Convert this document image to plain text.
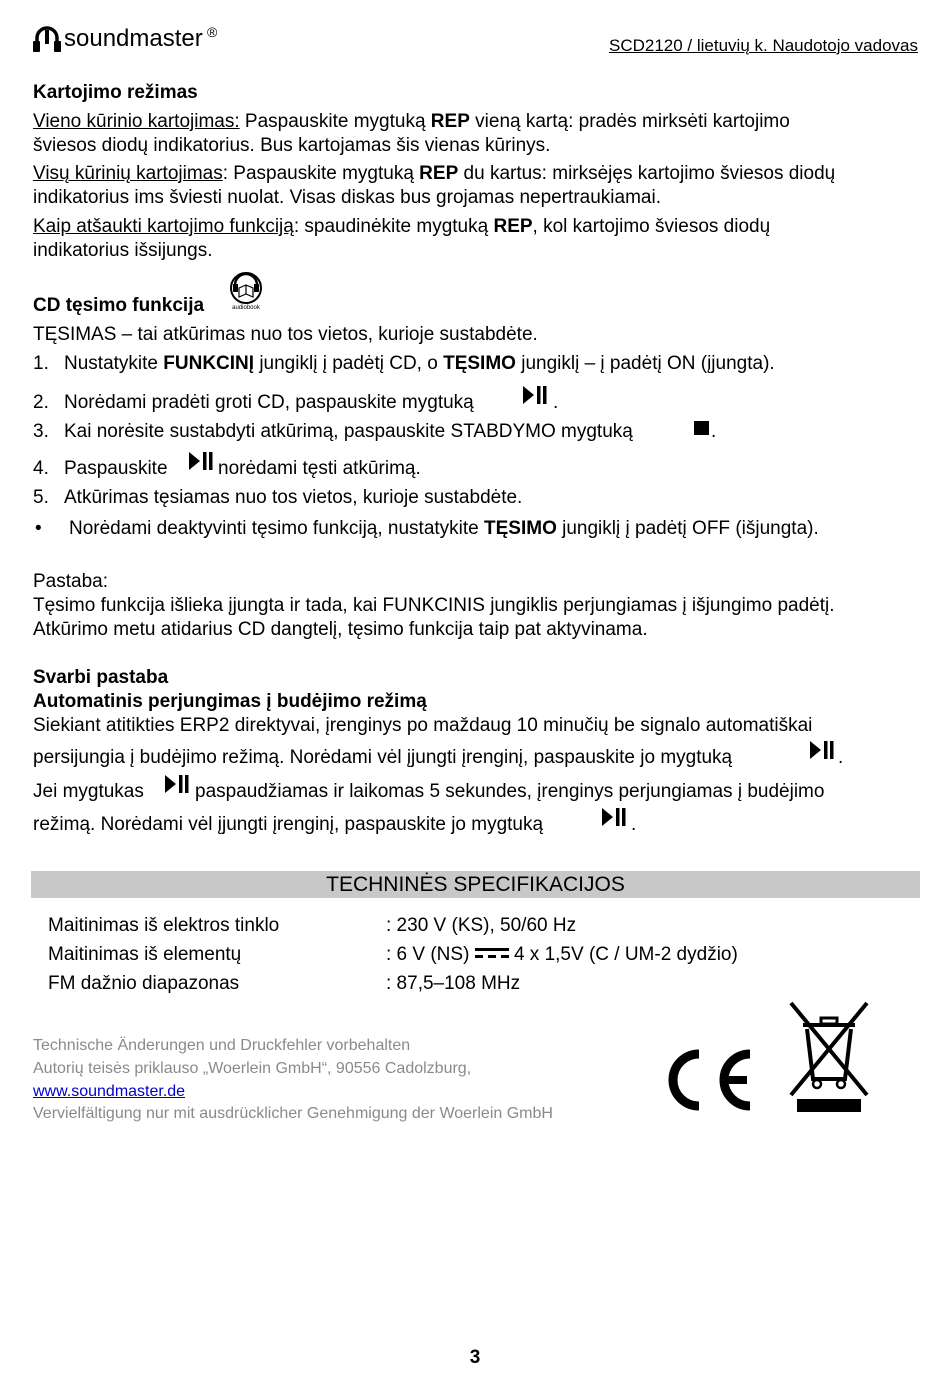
soundmaster ®
SCD2120 / lietuvių k. Naudotojo vadovas
Kartojimo režimas
Vieno kūrinio kartojimas: Paspauskite mygtuką REP vieną kartą: pradės mirksėti kartojimo
šviesos diodų indikatorius. Bus kartojamas šis vienas kūrinys.
Visų kūrinių kartojimas: Paspauskite mygtuką REP du kartus: mirksėjęs kartojimo šviesos diodų
indikatorius ims šviesti nuolat. Visas diskas bus grojamas nepertraukiamai.
Kaip atšaukti kartojimo funkciją: spaudinėkite mygtuką REP, kol kartojimo šviesos diodų
indikatorius išsijungs.
CD tęsimo funkcija	audiobook
TĘSIMAS – tai atkūrimas nuo tos vietos, kurioje sustabdėte.
1. Nustatykite FUNKCINĮ jungiklį į padėtį CD, o TĘSIMO jungiklį – į padėtį ON (įjungta).
2. Norėdami pradėti groti CD, paspauskite mygtuką	.
3. Kai norėsite sustabdyti atkūrimą, paspauskite STABDYMO mygtuką	.
4. Paspauskite	norėdami tęsti atkūrimą.
5. Atkūrimas tęsiamas nuo tos vietos, kurioje sustabdėte.
• Norėdami deaktyvinti tęsimo funkciją, nustatykite TĘSIMO jungiklį į padėtį OFF (išjungta).
Pastaba:
Tęsimo funkcija išlieka įjungta ir tada, kai FUNKCINIS jungiklis perjungiamas į išjungimo padėtį.
Atkūrimo metu atidarius CD dangtelį, tęsimo funkcija taip pat aktyvinama.
Svarbi pastaba
Automatinis perjungimas į budėjimo režimą
Siekiant atitikties ERP2 direktyvai, įrenginys po maždaug 10 minučių be signalo automatiškai
persijungia į budėjimo režimą. Norėdami vėl įjungti įrenginį, paspauskite jo mygtuką	.
Jei mygtukas	paspaudžiamas ir laikomas 5 sekundes, įrenginys perjungiamas į budėjimo
režimą. Norėdami vėl įjungti įrenginį, paspauskite jo mygtuką	.
TECHNINĖS SPECIFIKACIJOS
Maitinimas iš elektros tinklo	: 230 V (KS), 50/60 Hz
Maitinimas iš elementų	: 6 V (NS)  4 x 1,5V (C / UM-2 dydžio)
FM dažnio diapazonas	: 87,5–108 MHz
Technische Änderungen und Druckfehler vorbehalten
Autorių teisės priklauso „Woerlein GmbH“, 90556 Cadolzburg,
www.soundmaster.de
Vervielfältigung nur mit ausdrücklicher Genehmigung der Woerlein GmbH
3
